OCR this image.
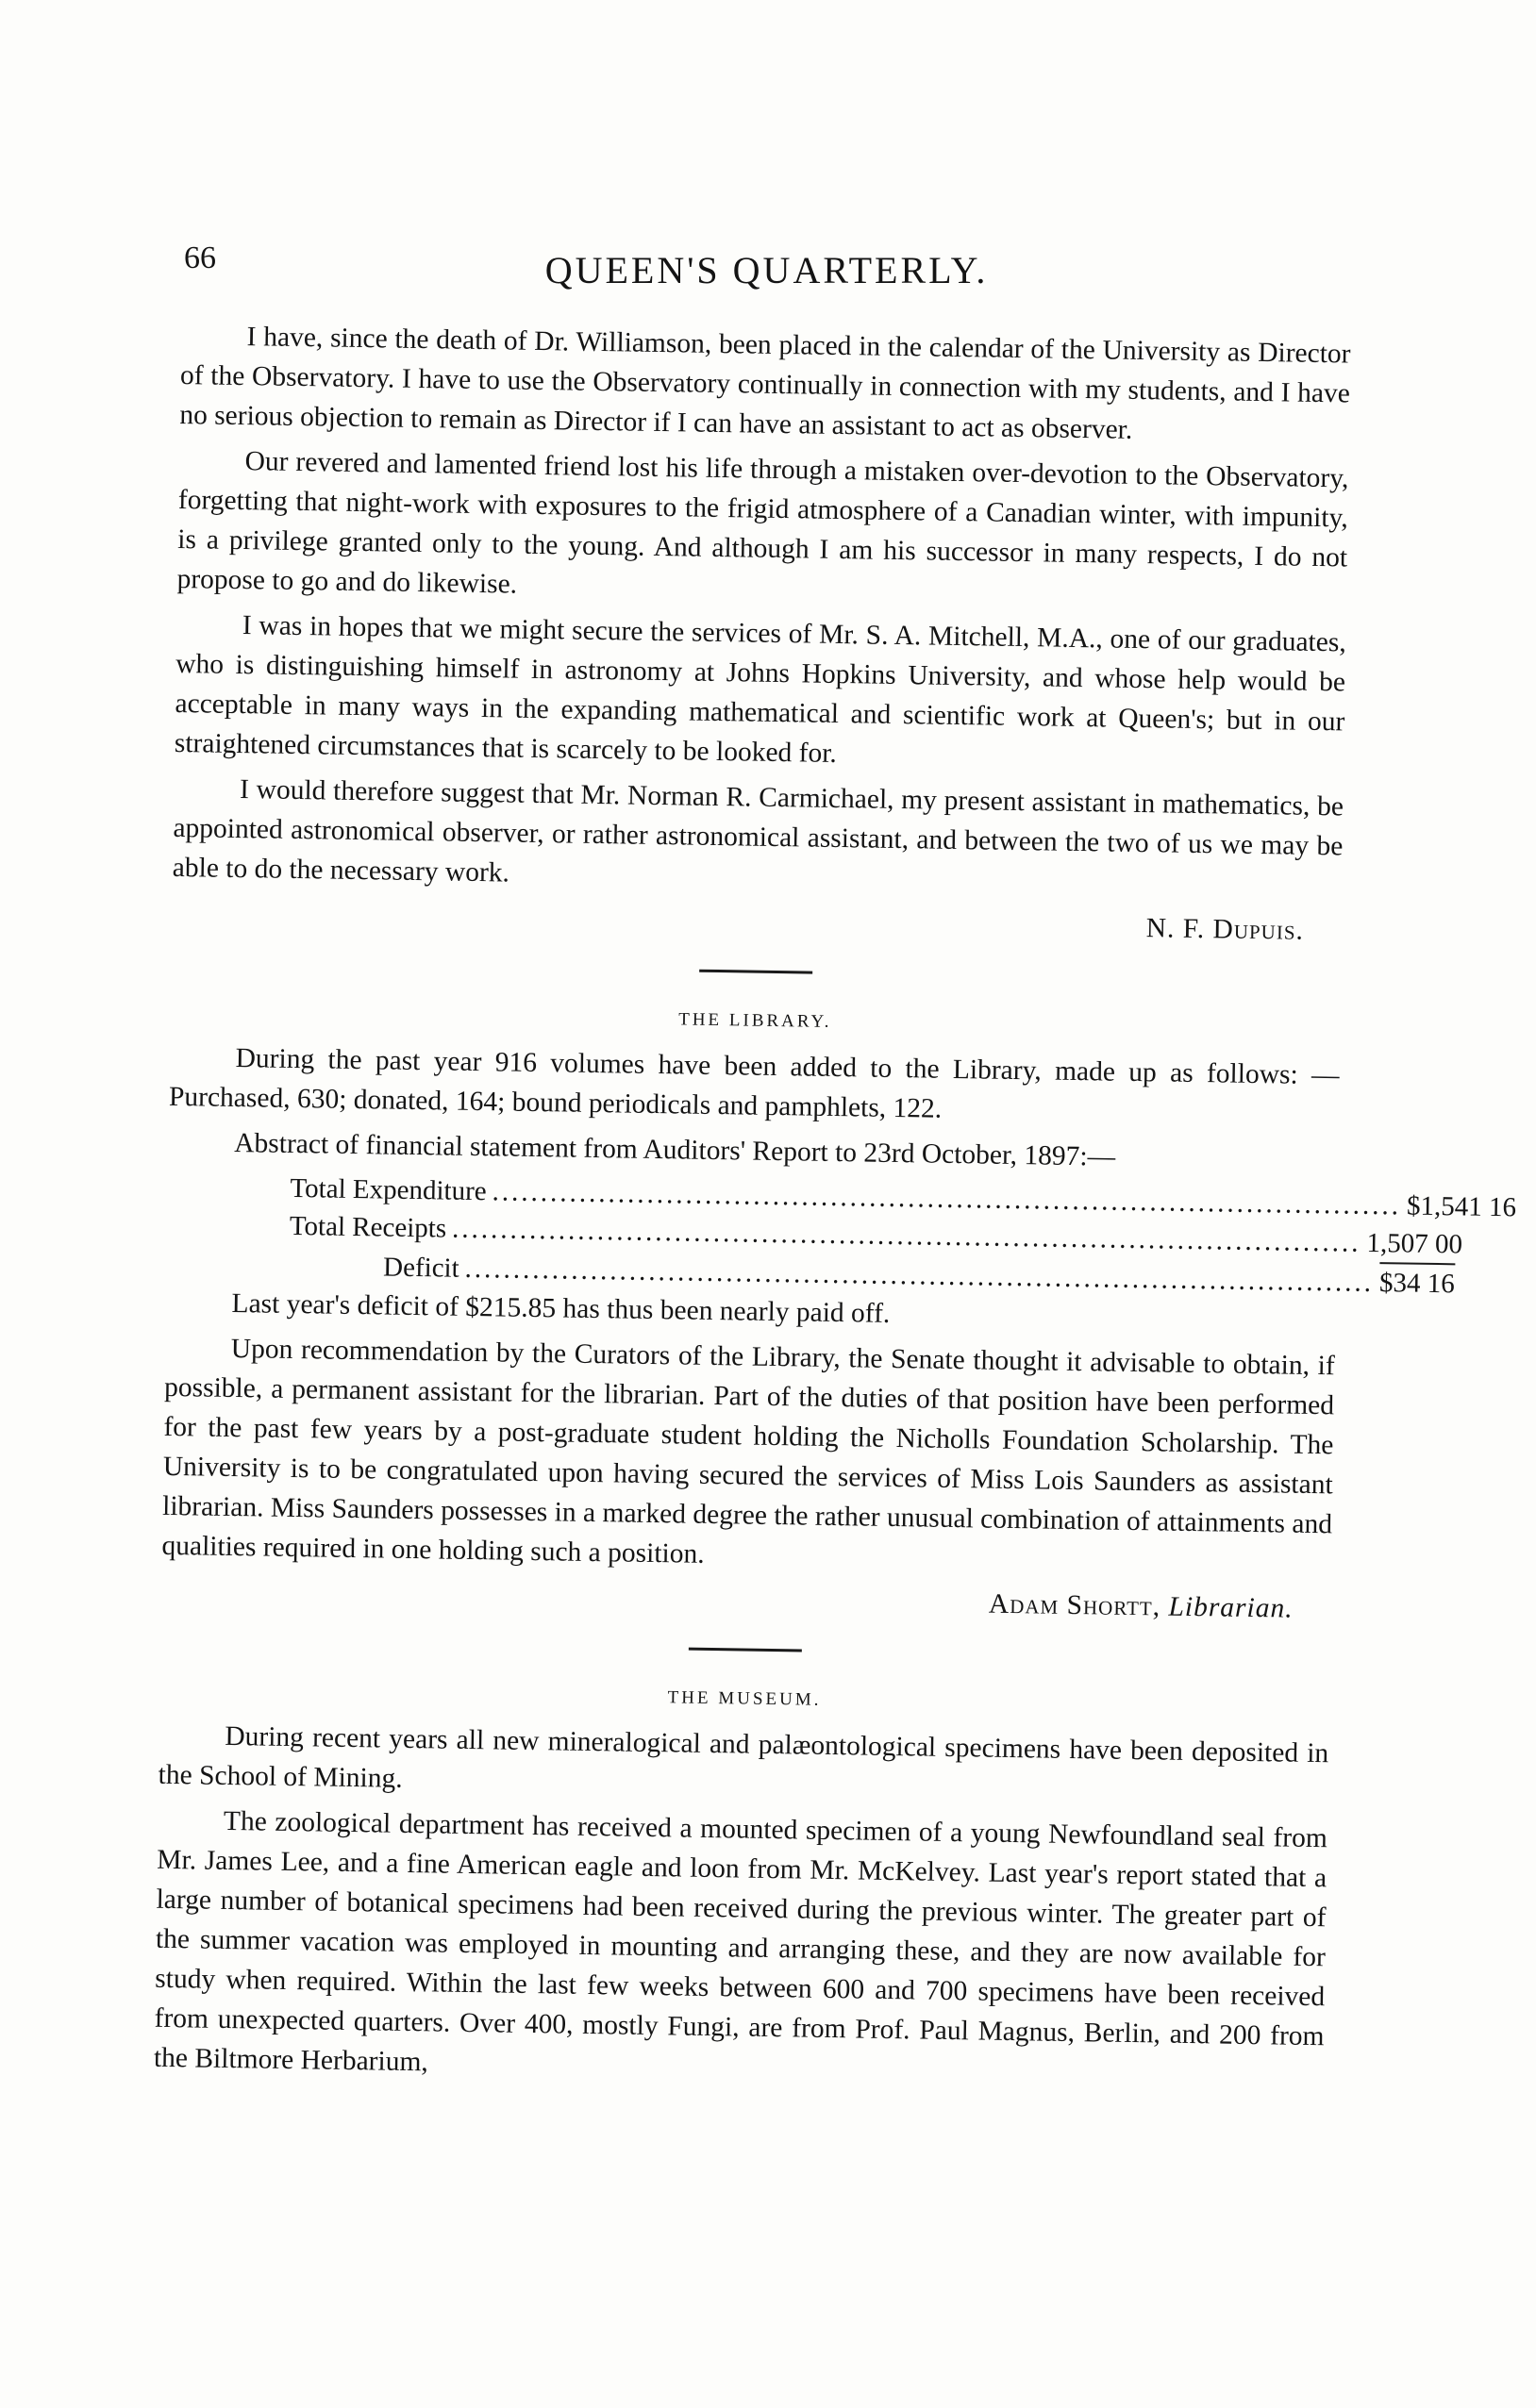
66	QUEEN'S QUARTERLY.

I have, since the death of Dr. Williamson, been placed in the calendar of the University as Director of the Observatory. I have to use the Observatory continually in connection with my students, and I have no serious objection to remain as Director if I can have an assistant to act as observer.

Our revered and lamented friend lost his life through a mistaken over-devotion to the Observatory, forgetting that night-work with exposures to the frigid atmosphere of a Canadian winter, with impunity, is a privilege granted only to the young. And although I am his successor in many respects, I do not propose to go and do likewise.

I was in hopes that we might secure the services of Mr. S. A. Mitchell, M.A., one of our graduates, who is distinguishing himself in astronomy at Johns Hopkins University, and whose help would be acceptable in many ways in the expanding mathematical and scientific work at Queen's; but in our straightened circumstances that is scarcely to be looked for.

I would therefore suggest that Mr. Norman R. Carmichael, my present assistant in mathematics, be appointed astronomical observer, or rather astronomical assistant, and between the two of us we may be able to do the necessary work.

N. F. Dupuis.
THE LIBRARY.

During the past year 916 volumes have been added to the Library, made up as follows: — Purchased, 630; donated, 164; bound periodicals and pamphlets, 122.

Abstract of financial statement from Auditors' Report to 23rd October, 1897:—

Total Expenditure .............................................................................................. $1,541 16
Total Receipts .............................................................................................. 1,507 00
Deficit .............................................................................................. $34 16

Last year's deficit of $215.85 has thus been nearly paid off.

Upon recommendation by the Curators of the Library, the Senate thought it advisable to obtain, if possible, a permanent assistant for the librarian. Part of the duties of that position have been performed for the past few years by a post-graduate student holding the Nicholls Foundation Scholarship. The University is to be congratulated upon having secured the services of Miss Lois Saunders as assistant librarian. Miss Saunders possesses in a marked degree the rather unusual combination of attainments and qualities required in one holding such a position.

Adam Shortt, Librarian.
THE MUSEUM.

During recent years all new mineralogical and palæontological specimens have been deposited in the School of Mining.

The zoological department has received a mounted specimen of a young Newfoundland seal from Mr. James Lee, and a fine American eagle and loon from Mr. McKelvey. Last year's report stated that a large number of botanical specimens had been received during the previous winter. The greater part of the summer vacation was employed in mounting and arranging these, and they are now available for study when required. Within the last few weeks between 600 and 700 specimens have been received from unexpected quarters. Over 400, mostly Fungi, are from Prof. Paul Magnus, Berlin, and 200 from the Biltmore Herbarium,
